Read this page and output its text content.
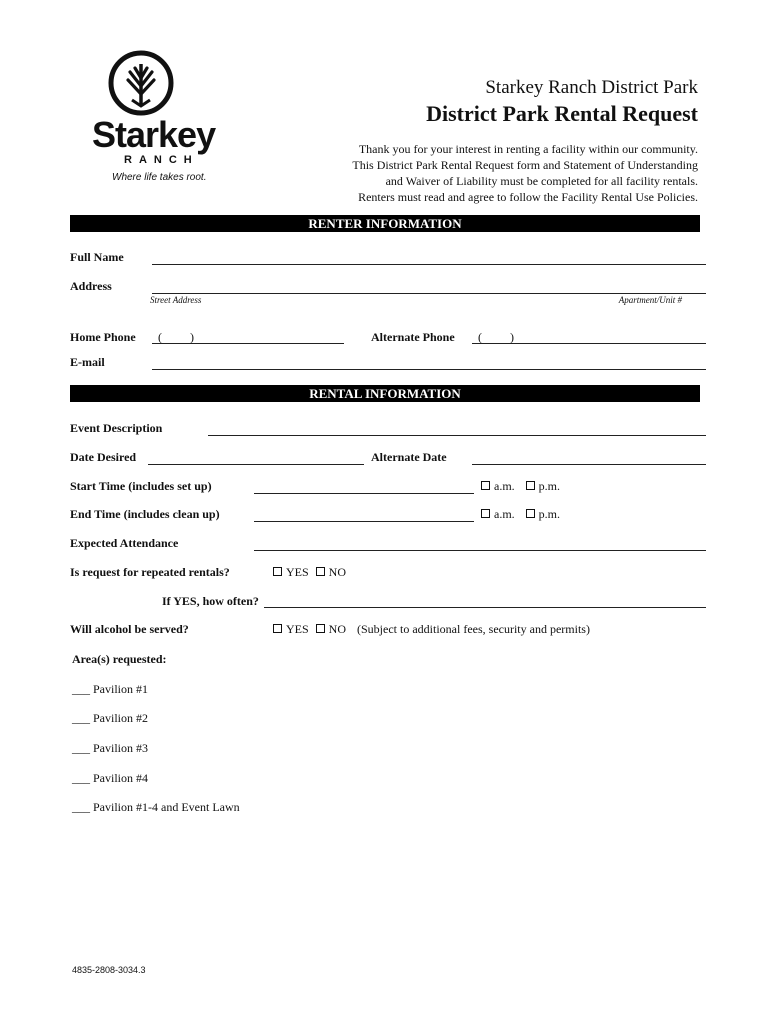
Starkey
RANCH
Where life takes root.
Starkey Ranch District Park
District Park Rental Request
Thank you for your interest in renting a facility within our community.
This District Park Rental Request form and Statement of Understanding
and Waiver of Liability must be completed for all facility rentals.
Renters must read and agree to follow the Facility Rental Use Policies.
RENTER INFORMATION
Full Name
Address
Street Address	Apartment/Unit #
Home Phone ( )	Alternate Phone ( )
E-mail
RENTAL INFORMATION
Event Description
Date Desired	Alternate Date
Start Time (includes set up)	a.m. p.m.
End Time (includes clean up)	a.m. p.m.
Expected Attendance
Is request for repeated rentals?	YES NO
If YES, how often?
Will alcohol be served?	YES NO (Subject to additional fees, security and permits)
Area(s) requested:
___ Pavilion #1
___ Pavilion #2
___ Pavilion #3
___ Pavilion #4
___ Pavilion #1-4 and Event Lawn
4835-2808-3034.3
